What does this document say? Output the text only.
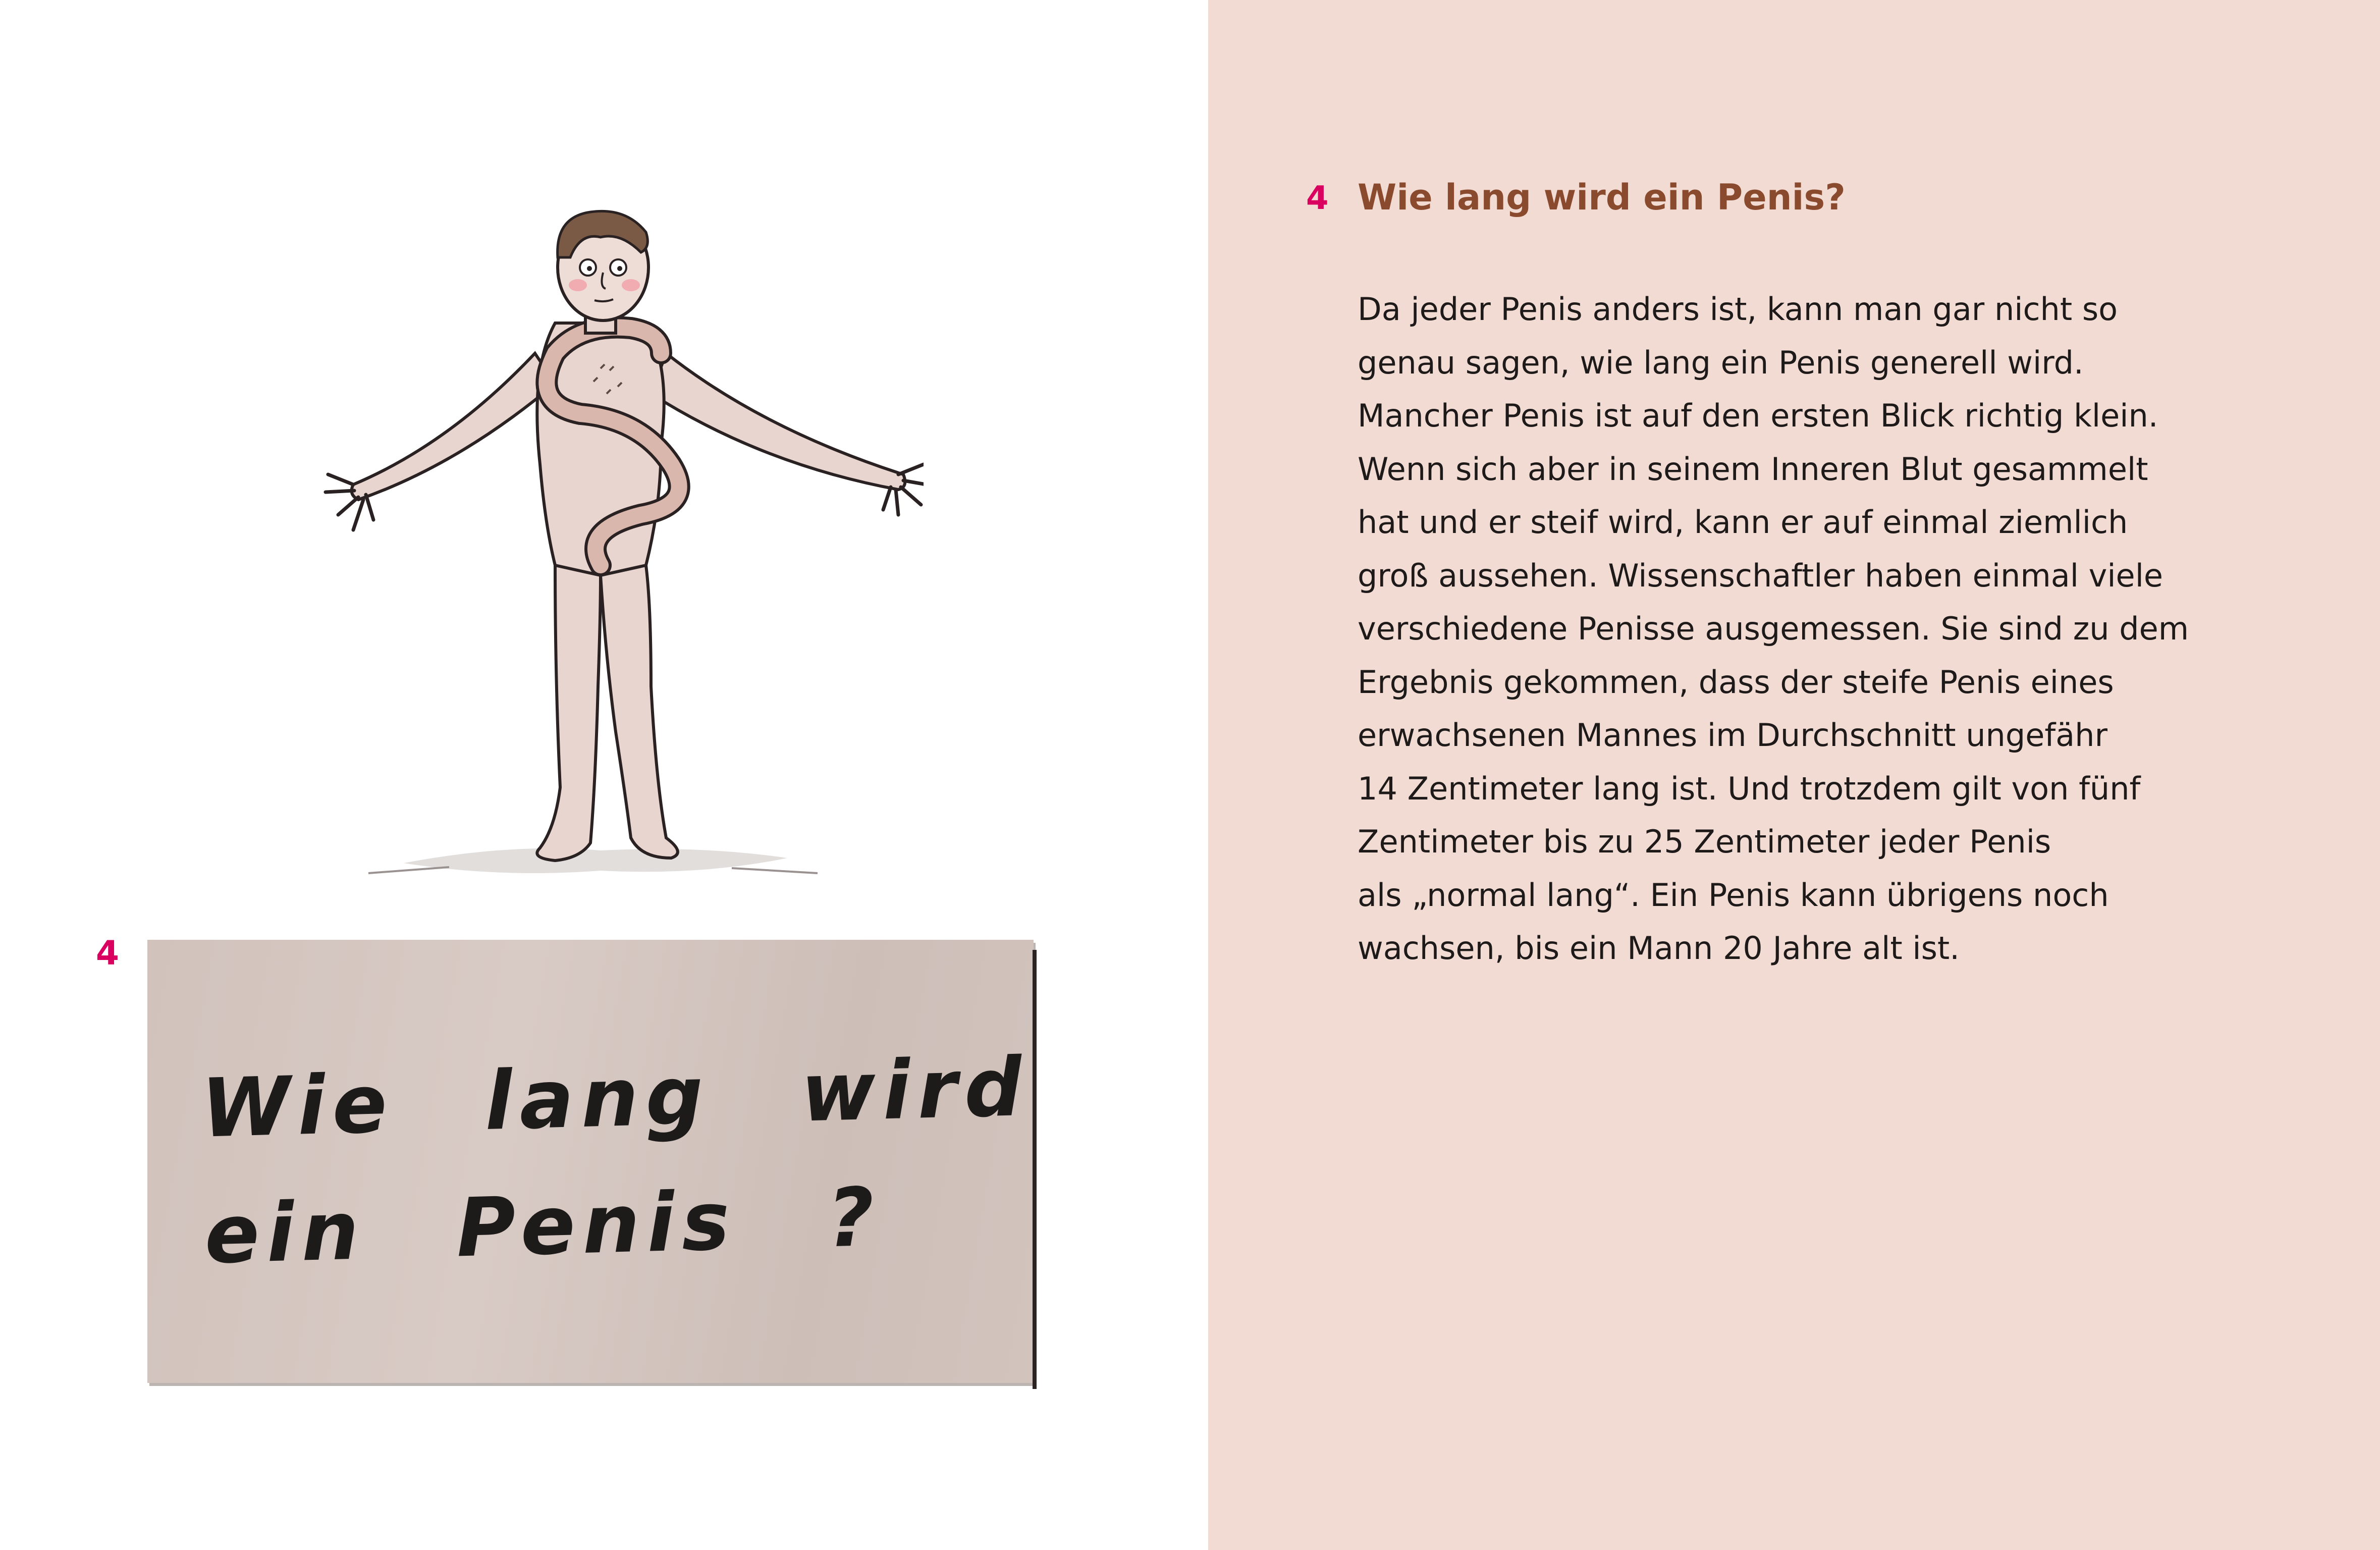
4
Wie lang wird
ein Penis ?
4 Wie lang wird ein Penis?
Da jeder Penis anders ist, kann man gar nicht so
genau sagen, wie lang ein Penis generell wird.
Mancher Penis ist auf den ersten Blick richtig klein.
Wenn sich aber in seinem Inneren Blut gesammelt
hat und er steif wird, kann er auf einmal ziemlich
groß aussehen. Wissenschaftler haben einmal viele
verschiedene Penisse ausgemessen. Sie sind zu dem
Ergebnis gekommen, dass der steife Penis eines
erwachsenen Mannes im Durchschnitt ungefähr
14 Zentimeter lang ist. Und trotzdem gilt von fünf
Zentimeter bis zu 25 Zentimeter jeder Penis
als „normal lang“. Ein Penis kann übrigens noch
wachsen, bis ein Mann 20 Jahre alt ist.
